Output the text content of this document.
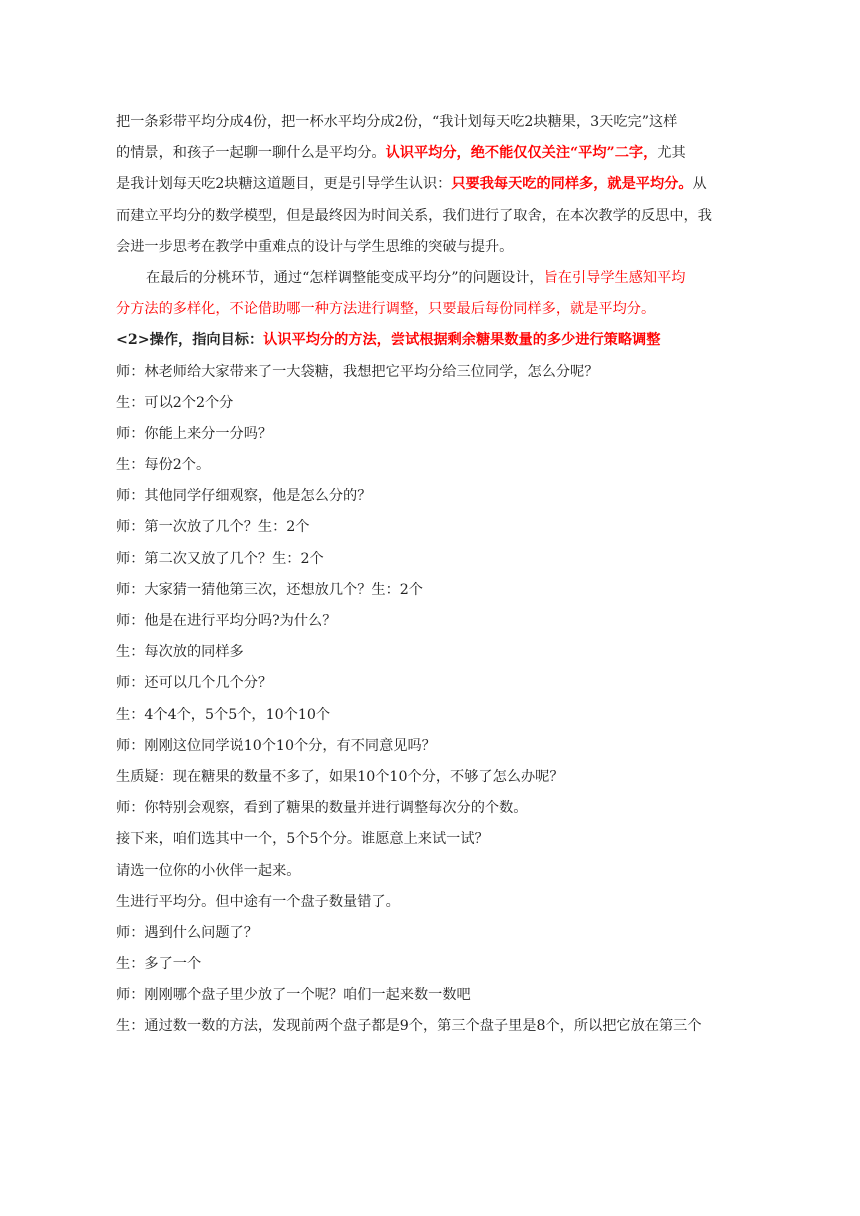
把一条彩带平均分成4份，把一杯水平均分成2份，“我计划每天吃2块糖果，3天吃完”这样
的情景，和孩子一起聊一聊什么是平均分。认识平均分，绝不能仅仅关注“平均”二字，尤其
是我计划每天吃2块糖这道题目，更是引导学生认识：只要我每天吃的同样多，就是平均分。从
而建立平均分的数学模型，但是最终因为时间关系，我们进行了取舍，在本次教学的反思中，我
会进一步思考在教学中重难点的设计与学生思维的突破与提升。
在最后的分桃环节，通过“怎样调整能变成平均分”的问题设计，旨在引导学生感知平均
分方法的多样化，不论借助哪一种方法进行调整，只要最后每份同样多，就是平均分。
<2>操作，指向目标：认识平均分的方法，尝试根据剩余糖果数量的多少进行策略调整
师：林老师给大家带来了一大袋糖，我想把它平均分给三位同学，怎么分呢？
生：可以2个2个分
师：你能上来分一分吗？
生：每份2个。
师：其他同学仔细观察，他是怎么分的？
师：第一次放了几个？生：2个
师：第二次又放了几个？生：2个
师：大家猜一猜他第三次，还想放几个？生：2个
师：他是在进行平均分吗?为什么？
生：每次放的同样多
师：还可以几个几个分？
生：4个4个，5个5个，10个10个
师：刚刚这位同学说10个10个分，有不同意见吗？
生质疑：现在糖果的数量不多了，如果10个10个分，不够了怎么办呢？
师：你特别会观察，看到了糖果的数量并进行调整每次分的个数。
接下来，咱们选其中一个，5个5个分。谁愿意上来试一试？
请选一位你的小伙伴一起来。
生进行平均分。但中途有一个盘子数量错了。
师：遇到什么问题了？
生：多了一个
师：刚刚哪个盘子里少放了一个呢？咱们一起来数一数吧
生：通过数一数的方法，发现前两个盘子都是9个，第三个盘子里是8个，所以把它放在第三个
